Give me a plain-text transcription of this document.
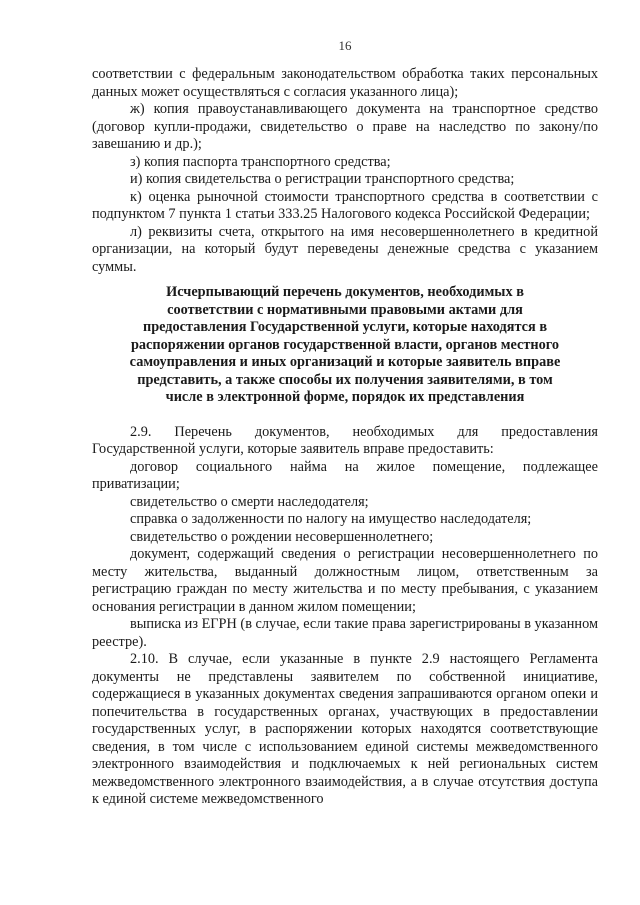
16

соответствии с федеральным законодательством обработка таких персональных данных может осуществляться с согласия указанного лица);

ж) копия правоустанавливающего документа на транспортное средство (договор купли-продажи, свидетельство о праве на наследство по закону/по завешанию и др.);

з) копия паспорта транспортного средства;

и) копия свидетельства о регистрации транспортного средства;

к) оценка рыночной стоимости транспортного средства в соответствии с подпунктом 7 пункта 1 статьи 333.25 Налогового кодекса Российской Федерации;

л) реквизиты счета, открытого на имя несовершеннолетнего в кредитной организации, на который будут переведены денежные средства с указанием суммы.

Исчерпывающий перечень документов, необходимых в соответствии с нормативными правовыми актами для предоставления Государственной услуги, которые находятся в распоряжении органов государственной власти, органов местного самоуправления и иных организаций и которые заявитель вправе представить, а также способы их получения заявителями, в том числе в электронной форме, порядок их представления

2.9. Перечень документов, необходимых для предоставления Государственной услуги, которые заявитель вправе предоставить:

договор социального найма на жилое помещение, подлежащее приватизации;

свидетельство о смерти наследодателя;

справка о задолженности по налогу на имущество наследодателя;

свидетельство о рождении несовершеннолетнего;

документ, содержащий сведения о регистрации несовершеннолетнего по месту жительства, выданный должностным лицом, ответственным за регистрацию граждан по месту жительства и по месту пребывания, с указанием основания регистрации в данном жилом помещении;

выписка из ЕГРН (в случае, если такие права зарегистрированы в указанном реестре).

2.10. В случае, если указанные в пункте 2.9 настоящего Регламента документы не представлены заявителем по собственной инициативе, содержащиеся в указанных документах сведения запрашиваются органом опеки и попечительства в государственных органах, участвующих в предоставлении государственных услуг, в распоряжении которых находятся соответствующие сведения, в том числе с использованием единой системы межведомственного электронного взаимодействия и подключаемых к ней региональных систем межведомственного электронного взаимодействия, а в случае отсутствия доступа к единой системе межведомственного
